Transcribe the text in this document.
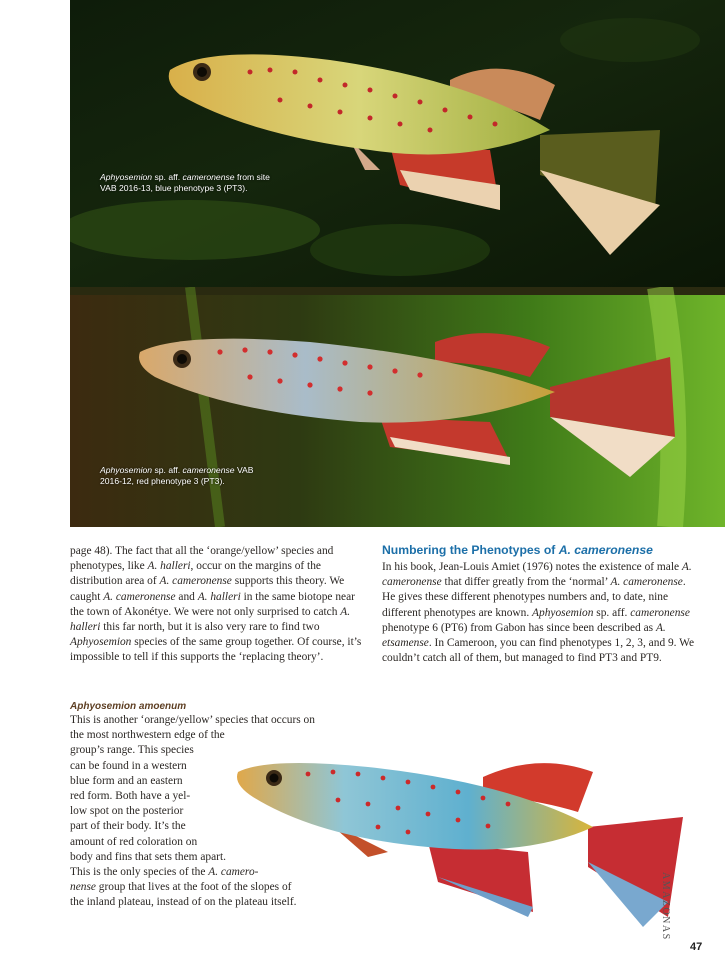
Aphyosemion sp. aff. cameronense from site
VAB 2016-13, blue phenotype 3 (PT3).
Aphyosemion sp. aff. cameronense VAB
2016-12, red phenotype 3 (PT3).
page 48). The fact that all the ‘orange/yellow’ species and phenotypes, like A. halleri, occur on the margins of the distribution area of A. cameronense supports this theory. We caught A. cameronense and A. halleri in the same biotope near the town of Akonétye. We were not only surprised to catch A. halleri this far north, but it is also very rare to find two Aphyosemion species of the same group together. Of course, it’s impossible to tell if this supports the ‘replacing theory’.
Numbering the Phenotypes of A. cameronense
In his book, Jean-Louis Amiet (1976) notes the existence of male A. cameronense that differ greatly from the ‘normal’ A. cameronense. He gives these different phenotypes numbers and, to date, nine different phenotypes are known. Aphyosemion sp. aff. cameronense phenotype 6 (PT6) from Gabon has since been described as A. etsamense. In Cameroon, you can find phenotypes 1, 2, 3, and 9. We couldn’t catch all of them, but managed to find PT3 and PT9.
Aphyosemion amoenum
This is another ‘orange/yellow’ species that occurs on
the most northwestern edge of the
group’s range. This species
can be found in a western
blue form and an eastern
red form. Both have a yel-
low spot on the posterior
part of their body. It’s the
amount of red coloration on
body and fins that sets them apart.
This is the only species of the A. camero-
nense group that lives at the foot of the slopes of
the inland plateau, instead of on the plateau itself.	AMAZONAS
47
